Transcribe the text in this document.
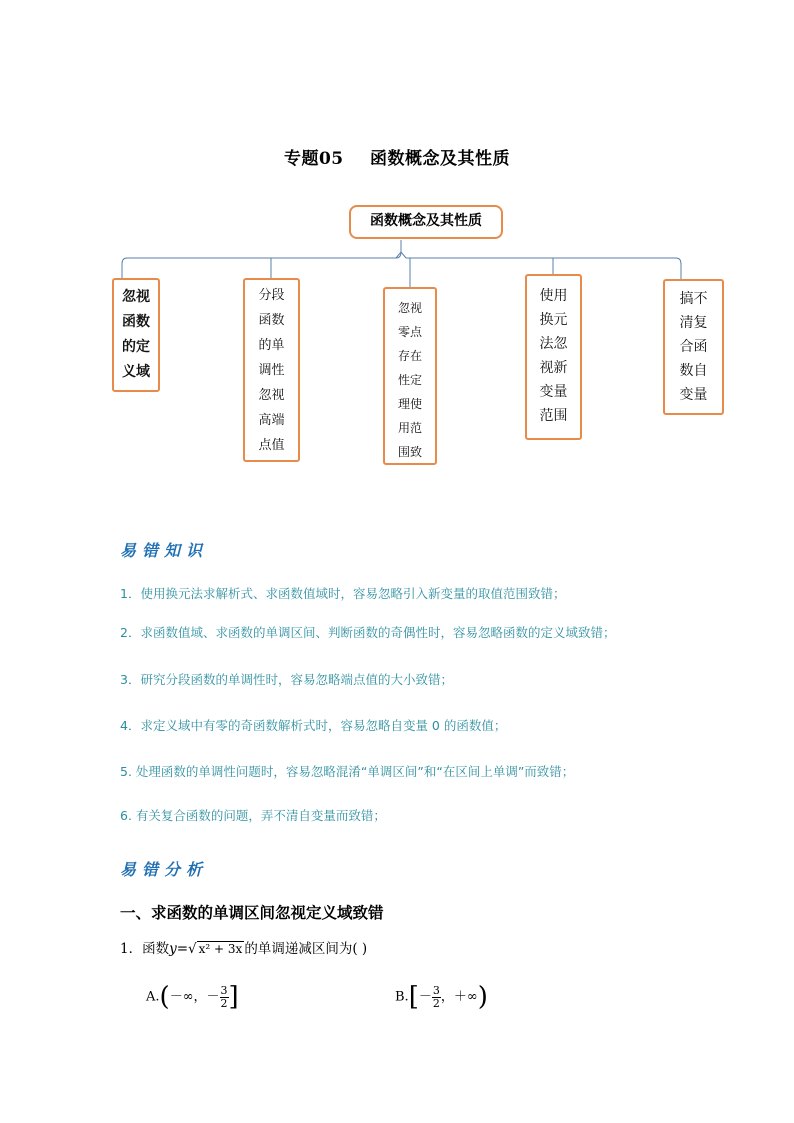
专题05 函数概念及其性质
函数概念及其性质
忽视
函数
的定
义域
分段
函数
的单
调性
忽视
高端
点值
忽视
零点
存在
性定
理使
用范
围致
使用
换元
法忽
视新
变量
范围
搞不
清复
合函
数自
变量
易错知识
1．使用换元法求解析式、求函数值域时，容易忽略引入新变量的取值范围致错；
2．求函数值域、求函数的单调区间、判断函数的奇偶性时，容易忽略函数的定义域致错；
3．研究分段函数的单调性时，容易忽略端点值的大小致错；
4．求定义域中有零的奇函数解析式时，容易忽略自变量 0 的函数值；
5. 处理函数的单调性问题时，容易忽略混淆“单调区间”和“在区间上单调”而致错；
6. 有关复合函数的问题，弄不清自变量而致错；
易错分析
一、求函数的单调区间忽视定义域致错
1．函数y=√ x² + 3x 的单调递减区间为( )
A.(－∞，－ $\frac{3}{2}$ ]	$B.[- \frac{3}{2}$ ，＋∞)
